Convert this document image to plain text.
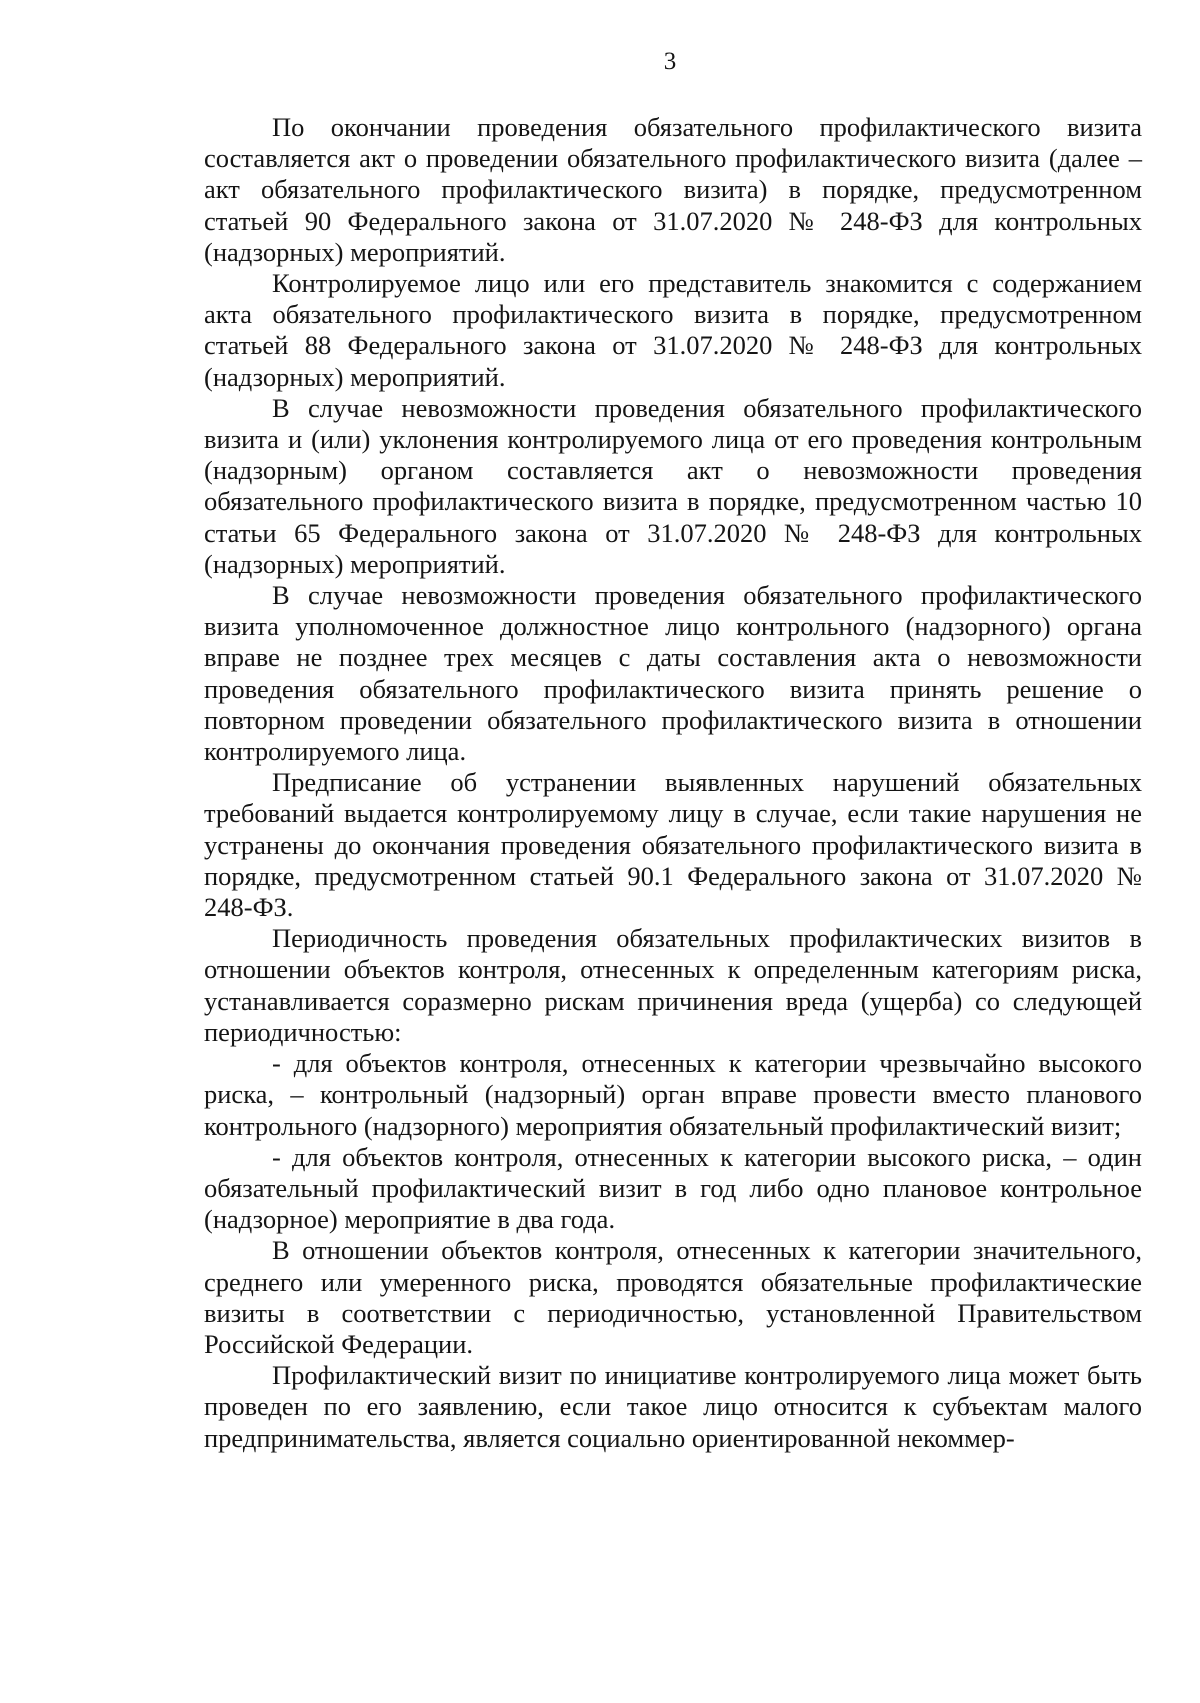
3

По окончании проведения обязательного профилактического визита составляется акт о проведении обязательного профилактического визита (далее – акт обязательного профилактического визита) в порядке, предусмотренном статьей 90 Федерального закона от 31.07.2020 № 248-ФЗ для контрольных (надзорных) мероприятий.

Контролируемое лицо или его представитель знакомится с содержанием акта обязательного профилактического визита в порядке, предусмотренном статьей 88 Федерального закона от 31.07.2020 № 248-ФЗ для контрольных (надзорных) мероприятий.

В случае невозможности проведения обязательного профилактического визита и (или) уклонения контролируемого лица от его проведения контрольным (надзорным) органом составляется акт о невозможности проведения обязательного профилактического визита в порядке, предусмотренном частью 10 статьи 65 Федерального закона от 31.07.2020 № 248-ФЗ для контрольных (надзорных) мероприятий.

В случае невозможности проведения обязательного профилактического визита уполномоченное должностное лицо контрольного (надзорного) органа вправе не позднее трех месяцев с даты составления акта о невозможности проведения обязательного профилактического визита принять решение о повторном проведении обязательного профилактического визита в отношении контролируемого лица.

Предписание об устранении выявленных нарушений обязательных требований выдается контролируемому лицу в случае, если такие нарушения не устранены до окончания проведения обязательного профилактического визита в порядке, предусмотренном статьей 90.1 Федерального закона от 31.07.2020 № 248-ФЗ.

Периодичность проведения обязательных профилактических визитов в отношении объектов контроля, отнесенных к определенным категориям риска, устанавливается соразмерно рискам причинения вреда (ущерба) со следующей периодичностью:

- для объектов контроля, отнесенных к категории чрезвычайно высокого риска, – контрольный (надзорный) орган вправе провести вместо планового контрольного (надзорного) мероприятия обязательный профилактический визит;

- для объектов контроля, отнесенных к категории высокого риска, – один обязательный профилактический визит в год либо одно плановое контрольное (надзорное) мероприятие в два года.

В отношении объектов контроля, отнесенных к категории значительного, среднего или умеренного риска, проводятся обязательные профилактические визиты в соответствии с периодичностью, установленной Правительством Российской Федерации.

Профилактический визит по инициативе контролируемого лица может быть проведен по его заявлению, если такое лицо относится к субъектам малого предпринимательства, является социально ориентированной некоммер-
